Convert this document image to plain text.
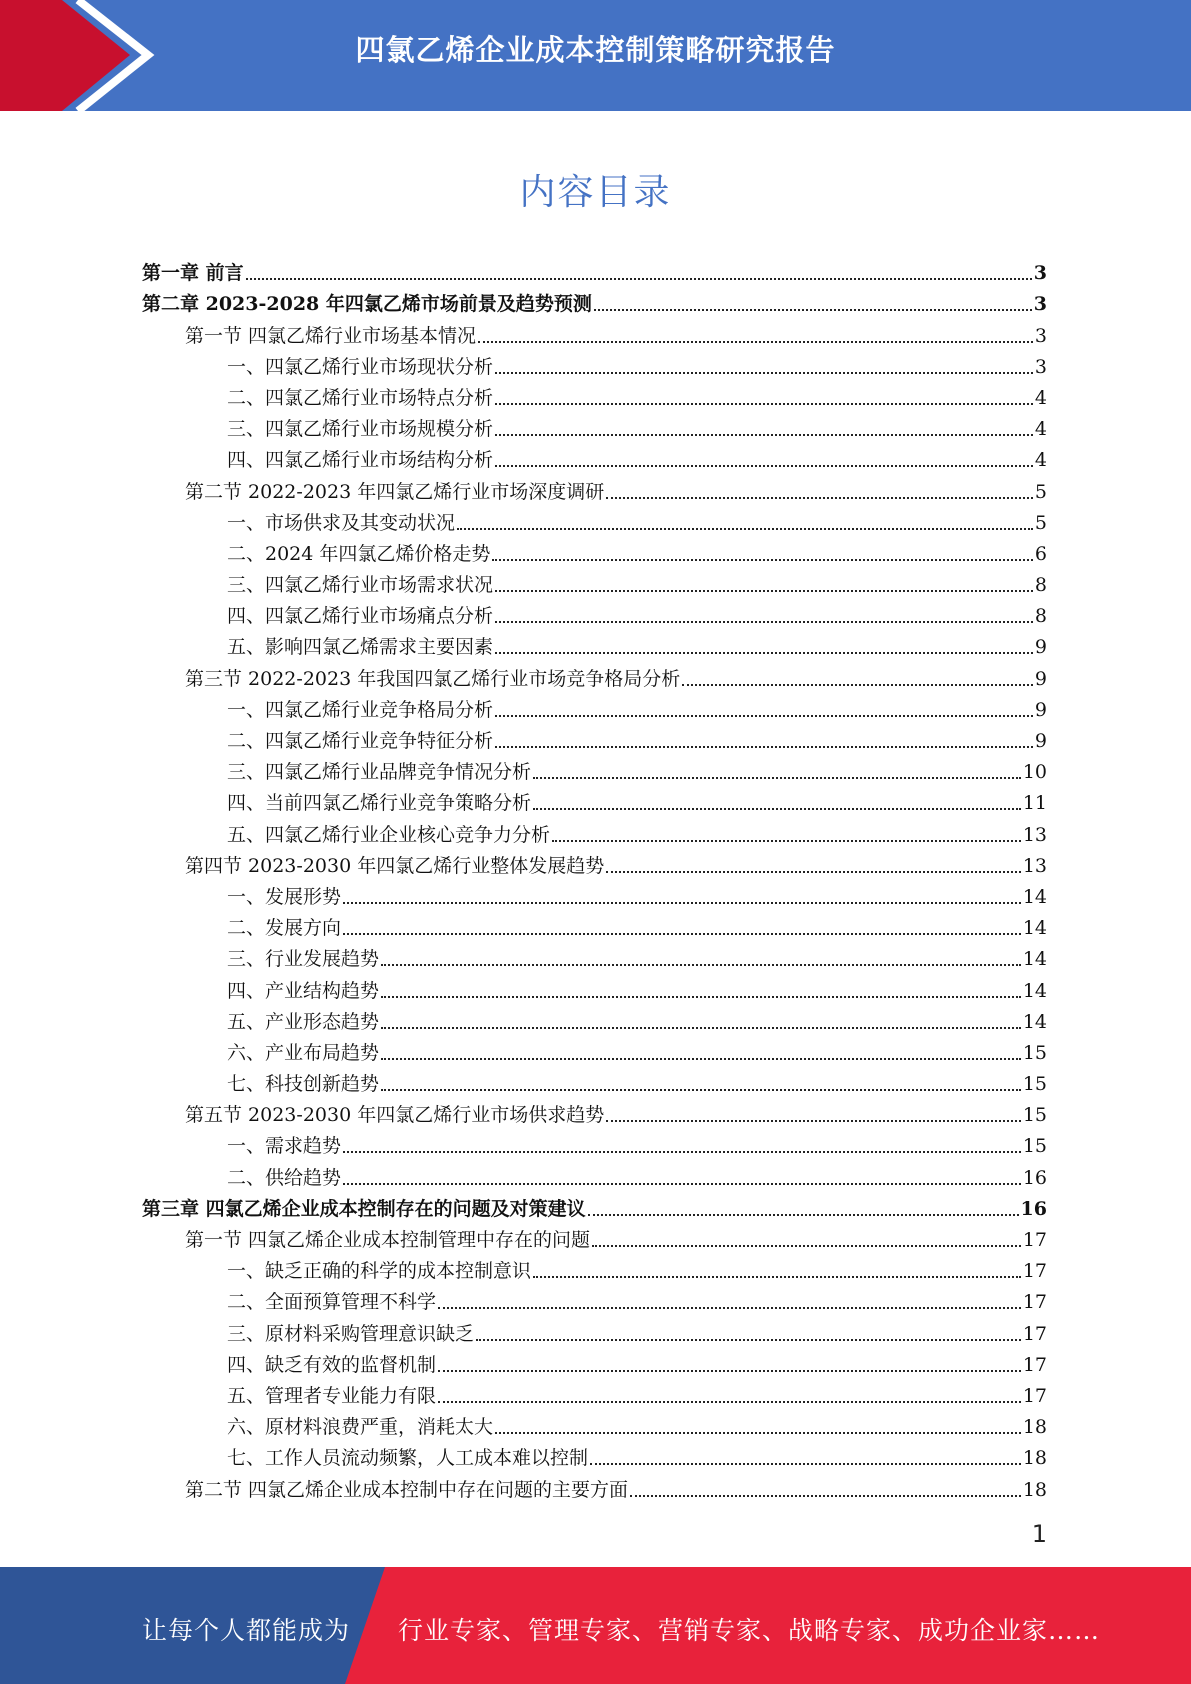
四氯乙烯企业成本控制策略研究报告
内容目录
第一章 前言	3
第二章 2023-2028 年四氯乙烯市场前景及趋势预测	3
第一节 四氯乙烯行业市场基本情况	3
一、四氯乙烯行业市场现状分析	3
二、四氯乙烯行业市场特点分析	4
三、四氯乙烯行业市场规模分析	4
四、四氯乙烯行业市场结构分析	4
第二节 2022-2023 年四氯乙烯行业市场深度调研	5
一、市场供求及其变动状况	5
二、2024 年四氯乙烯价格走势	6
三、四氯乙烯行业市场需求状况	8
四、四氯乙烯行业市场痛点分析	8
五、影响四氯乙烯需求主要因素	9
第三节 2022-2023 年我国四氯乙烯行业市场竞争格局分析	9
一、四氯乙烯行业竞争格局分析	9
二、四氯乙烯行业竞争特征分析	9
三、四氯乙烯行业品牌竞争情况分析	10
四、当前四氯乙烯行业竞争策略分析	11
五、四氯乙烯行业企业核心竞争力分析	13
第四节 2023-2030 年四氯乙烯行业整体发展趋势	13
一、发展形势	14
二、发展方向	14
三、行业发展趋势	14
四、产业结构趋势	14
五、产业形态趋势	14
六、产业布局趋势	15
七、科技创新趋势	15
第五节 2023-2030 年四氯乙烯行业市场供求趋势	15
一、需求趋势	15
二、供给趋势	16
第三章 四氯乙烯企业成本控制存在的问题及对策建议	16
第一节 四氯乙烯企业成本控制管理中存在的问题	17
一、缺乏正确的科学的成本控制意识	17
二、全面预算管理不科学	17
三、原材料采购管理意识缺乏	17
四、缺乏有效的监督机制	17
五、管理者专业能力有限	17
六、原材料浪费严重，消耗太大	18
七、工作人员流动频繁，人工成本难以控制	18
第二节 四氯乙烯企业成本控制中存在问题的主要方面	18
1
让每个人都能成为 行业专家、管理专家、营销专家、战略专家、成功企业家……
